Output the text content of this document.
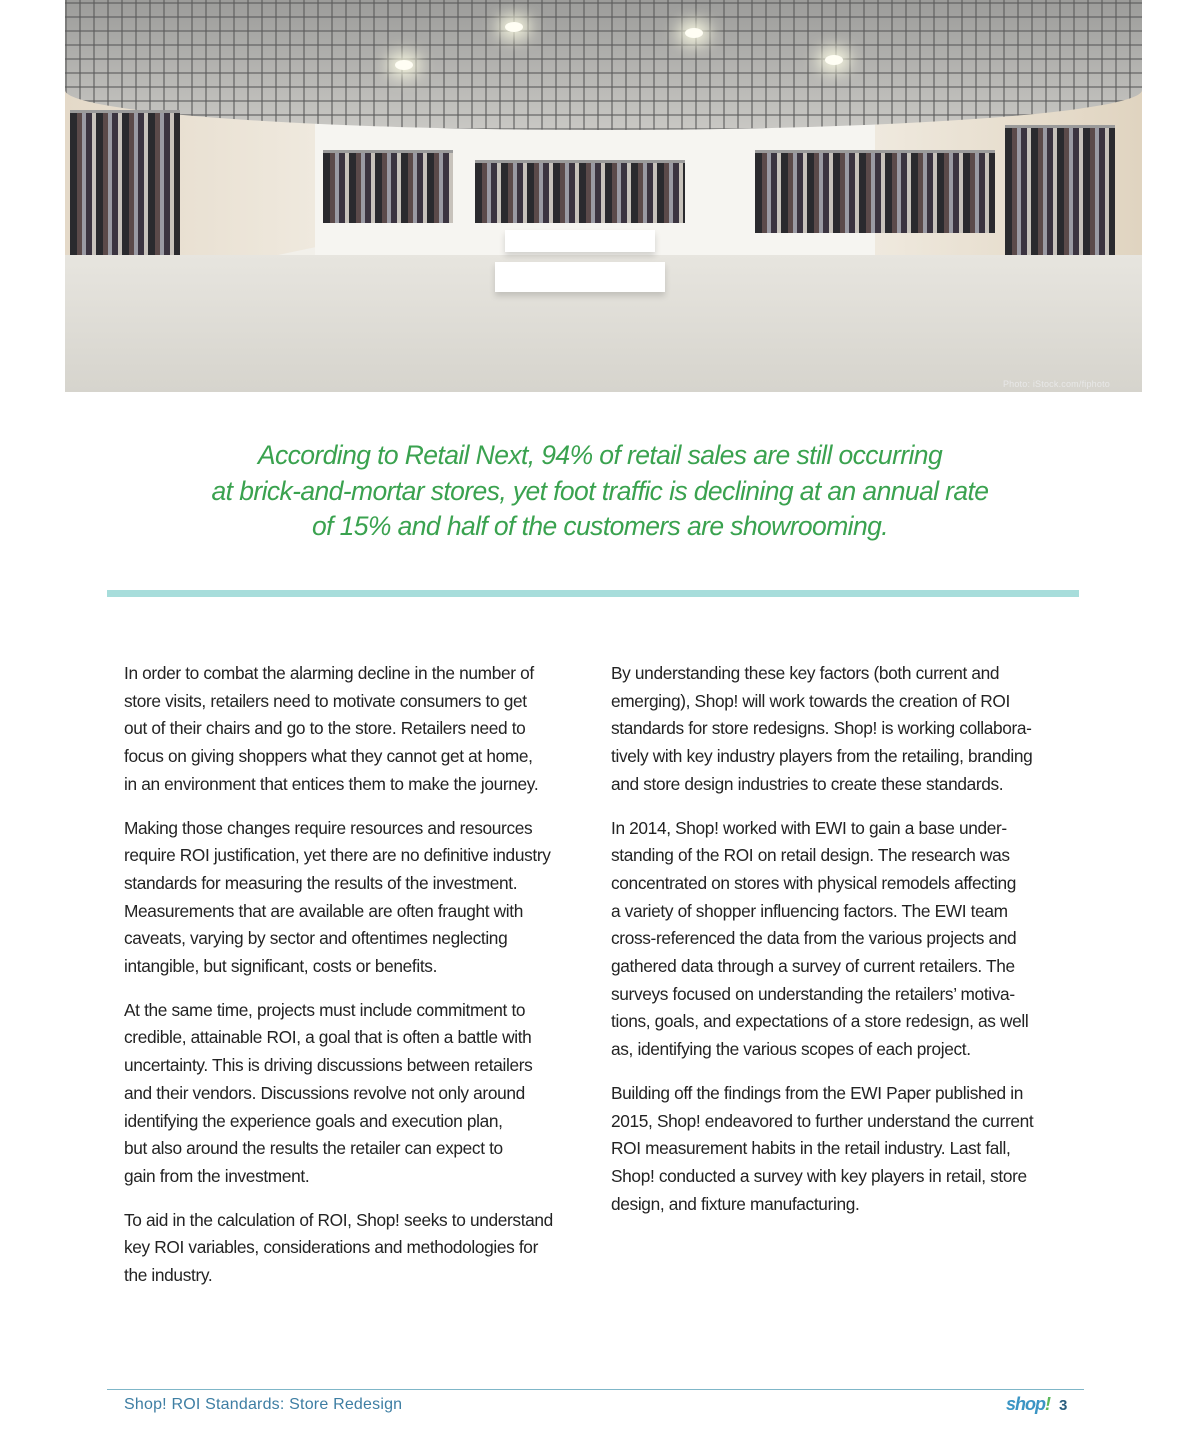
Photo: iStock.com/fiphoto
According to Retail Next, 94% of retail sales are still occurring
at brick-and-mortar stores, yet foot traffic is declining at an annual rate
of 15% and half of the customers are showrooming.

In order to combat the alarming decline in the number of
store visits, retailers need to motivate consumers to get
out of their chairs and go to the store. Retailers need to
focus on giving shoppers what they cannot get at home,
in an environment that entices them to make the journey.

Making those changes require resources and resources
require ROI justification, yet there are no definitive industry
standards for measuring the results of the investment.
Measurements that are available are often fraught with
caveats, varying by sector and oftentimes neglecting
intangible, but significant, costs or benefits.

At the same time, projects must include commitment to
credible, attainable ROI, a goal that is often a battle with
uncertainty. This is driving discussions between retailers
and their vendors. Discussions revolve not only around
identifying the experience goals and execution plan,
but also around the results the retailer can expect to
gain from the investment.

To aid in the calculation of ROI, Shop! seeks to understand
key ROI variables, considerations and methodologies for
the industry.

By understanding these key factors (both current and
emerging), Shop! will work towards the creation of ROI
standards for store redesigns. Shop! is working collabora-
tively with key industry players from the retailing, branding
and store design industries to create these standards.

In 2014, Shop! worked with EWI to gain a base under-
standing of the ROI on retail design. The research was
concentrated on stores with physical remodels affecting
a variety of shopper influencing factors. The EWI team
cross-referenced the data from the various projects and
gathered data through a survey of current retailers. The
surveys focused on understanding the retailers’ motiva-
tions, goals, and expectations of a store redesign, as well
as, identifying the various scopes of each project.

Building off the findings from the EWI Paper published in
2015, Shop! endeavored to further understand the current
ROI measurement habits in the retail industry. Last fall,
Shop! conducted a survey with key players in retail, store
design, and fixture manufacturing.

Shop! ROI Standards: Store Redesign	shop! 3
